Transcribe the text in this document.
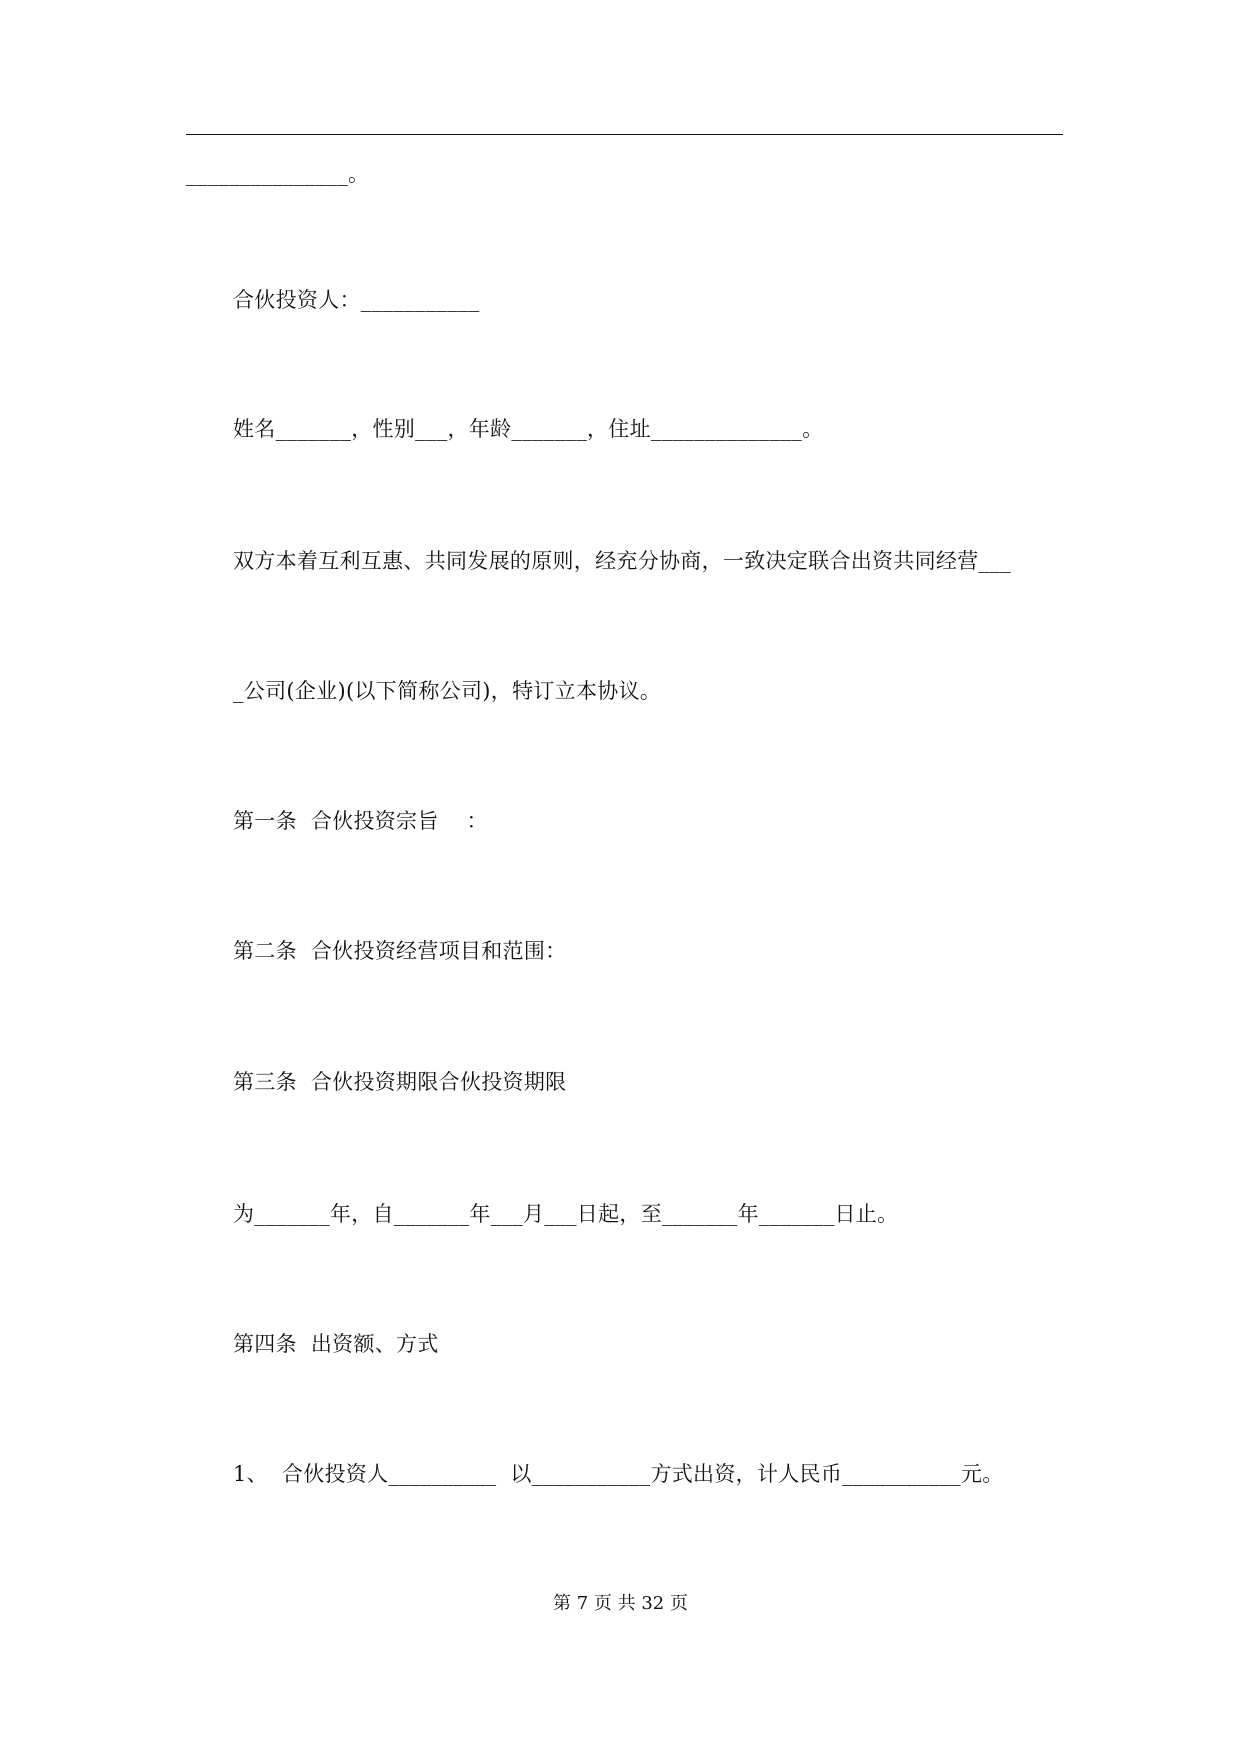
_______________。
合伙投资人：___________
姓名_______，性别___，年龄_______，住址______________。
双方本着互利互惠、共同发展的原则，经充分协商，一致决定联合出资共同经营___
_公司(企业)(以下简称公司)，特订立本协议。
第一条  合伙投资宗旨    ：
第二条  合伙投资经营项目和范围：
第三条  合伙投资期限合伙投资期限
为_______年，自_______年___月___日起，至_______年_______日止。
第四条  出资额、方式
1、  合伙投资人__________  以___________方式出资，计人民币___________元。
第 7 页 共 32 页
